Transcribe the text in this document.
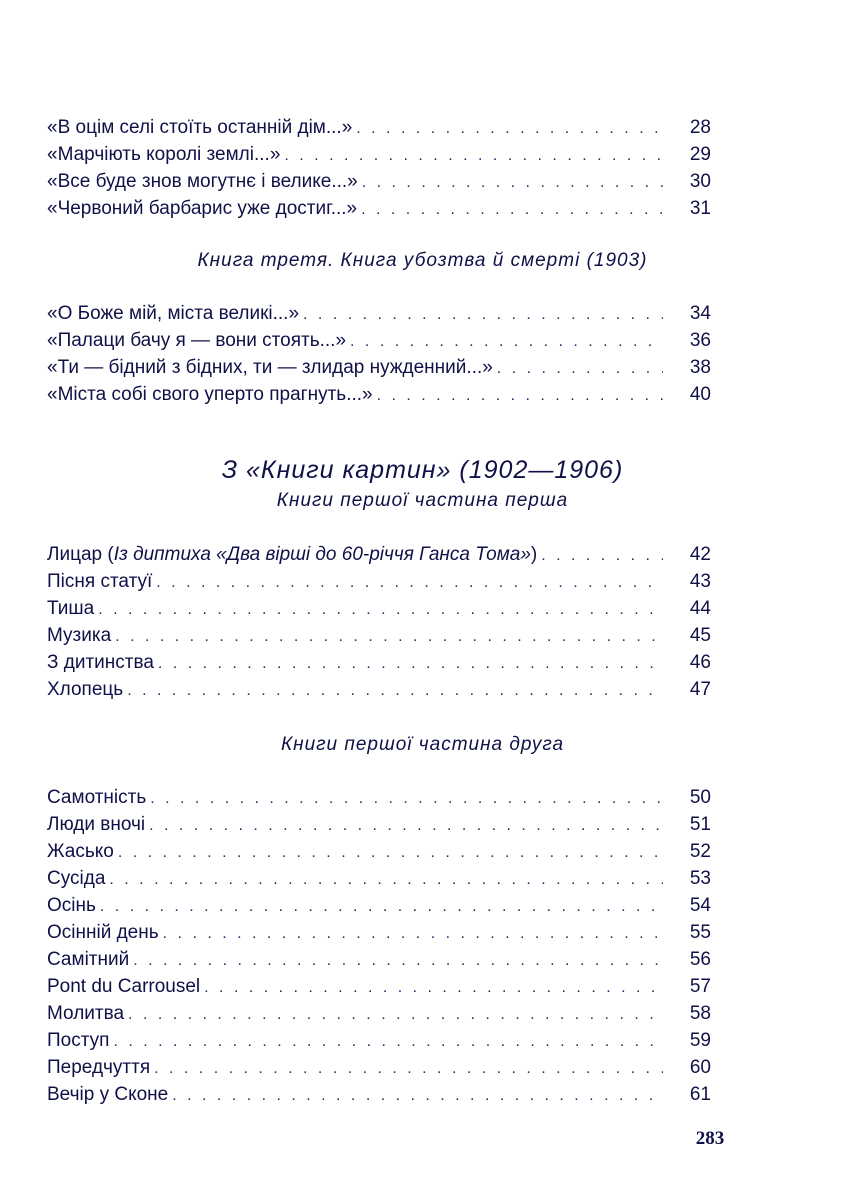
«В оцім селі стоїть останній дім...» . . .	28
«Марчіють королі землі...» . . .	29
«Все буде знов могутнє і велике...» . . .	30
«Червоний барбарис уже достиг...» . . .	31
Книга третя. Книга убозтва й смерті (1903)
«О Боже мій, міста великі...» . . .	34
«Палаци бачу я — вони стоять...» . . .	36
«Ти — бідний з бідних, ти — злидар нужденний...» . . .	38
«Міста собі свого уперто прагнуть...» . . .	40
З «Книги картин» (1902—1906)
Книги першої частина перша
Лицар (Із диптиха «Два вірші до 60-річчя Ганса Тома») . . .	42
Пісня статуї . . .	43
Тиша . . .	44
Музика . . .	45
З дитинства . . .	46
Хлопець . . .	47
Книги першої частина друга
Самотність . . .	50
Люди вночі . . .	51
Жасько . . .	52
Сусіда . . .	53
Осінь . . .	54
Осінній день . . .	55
Самітний . . .	56
Pont du Carrousel . . .	57
Молитва . . .	58
Поступ . . .	59
Передчуття . . .	60
Вечір у Сконе . . .	61
283
